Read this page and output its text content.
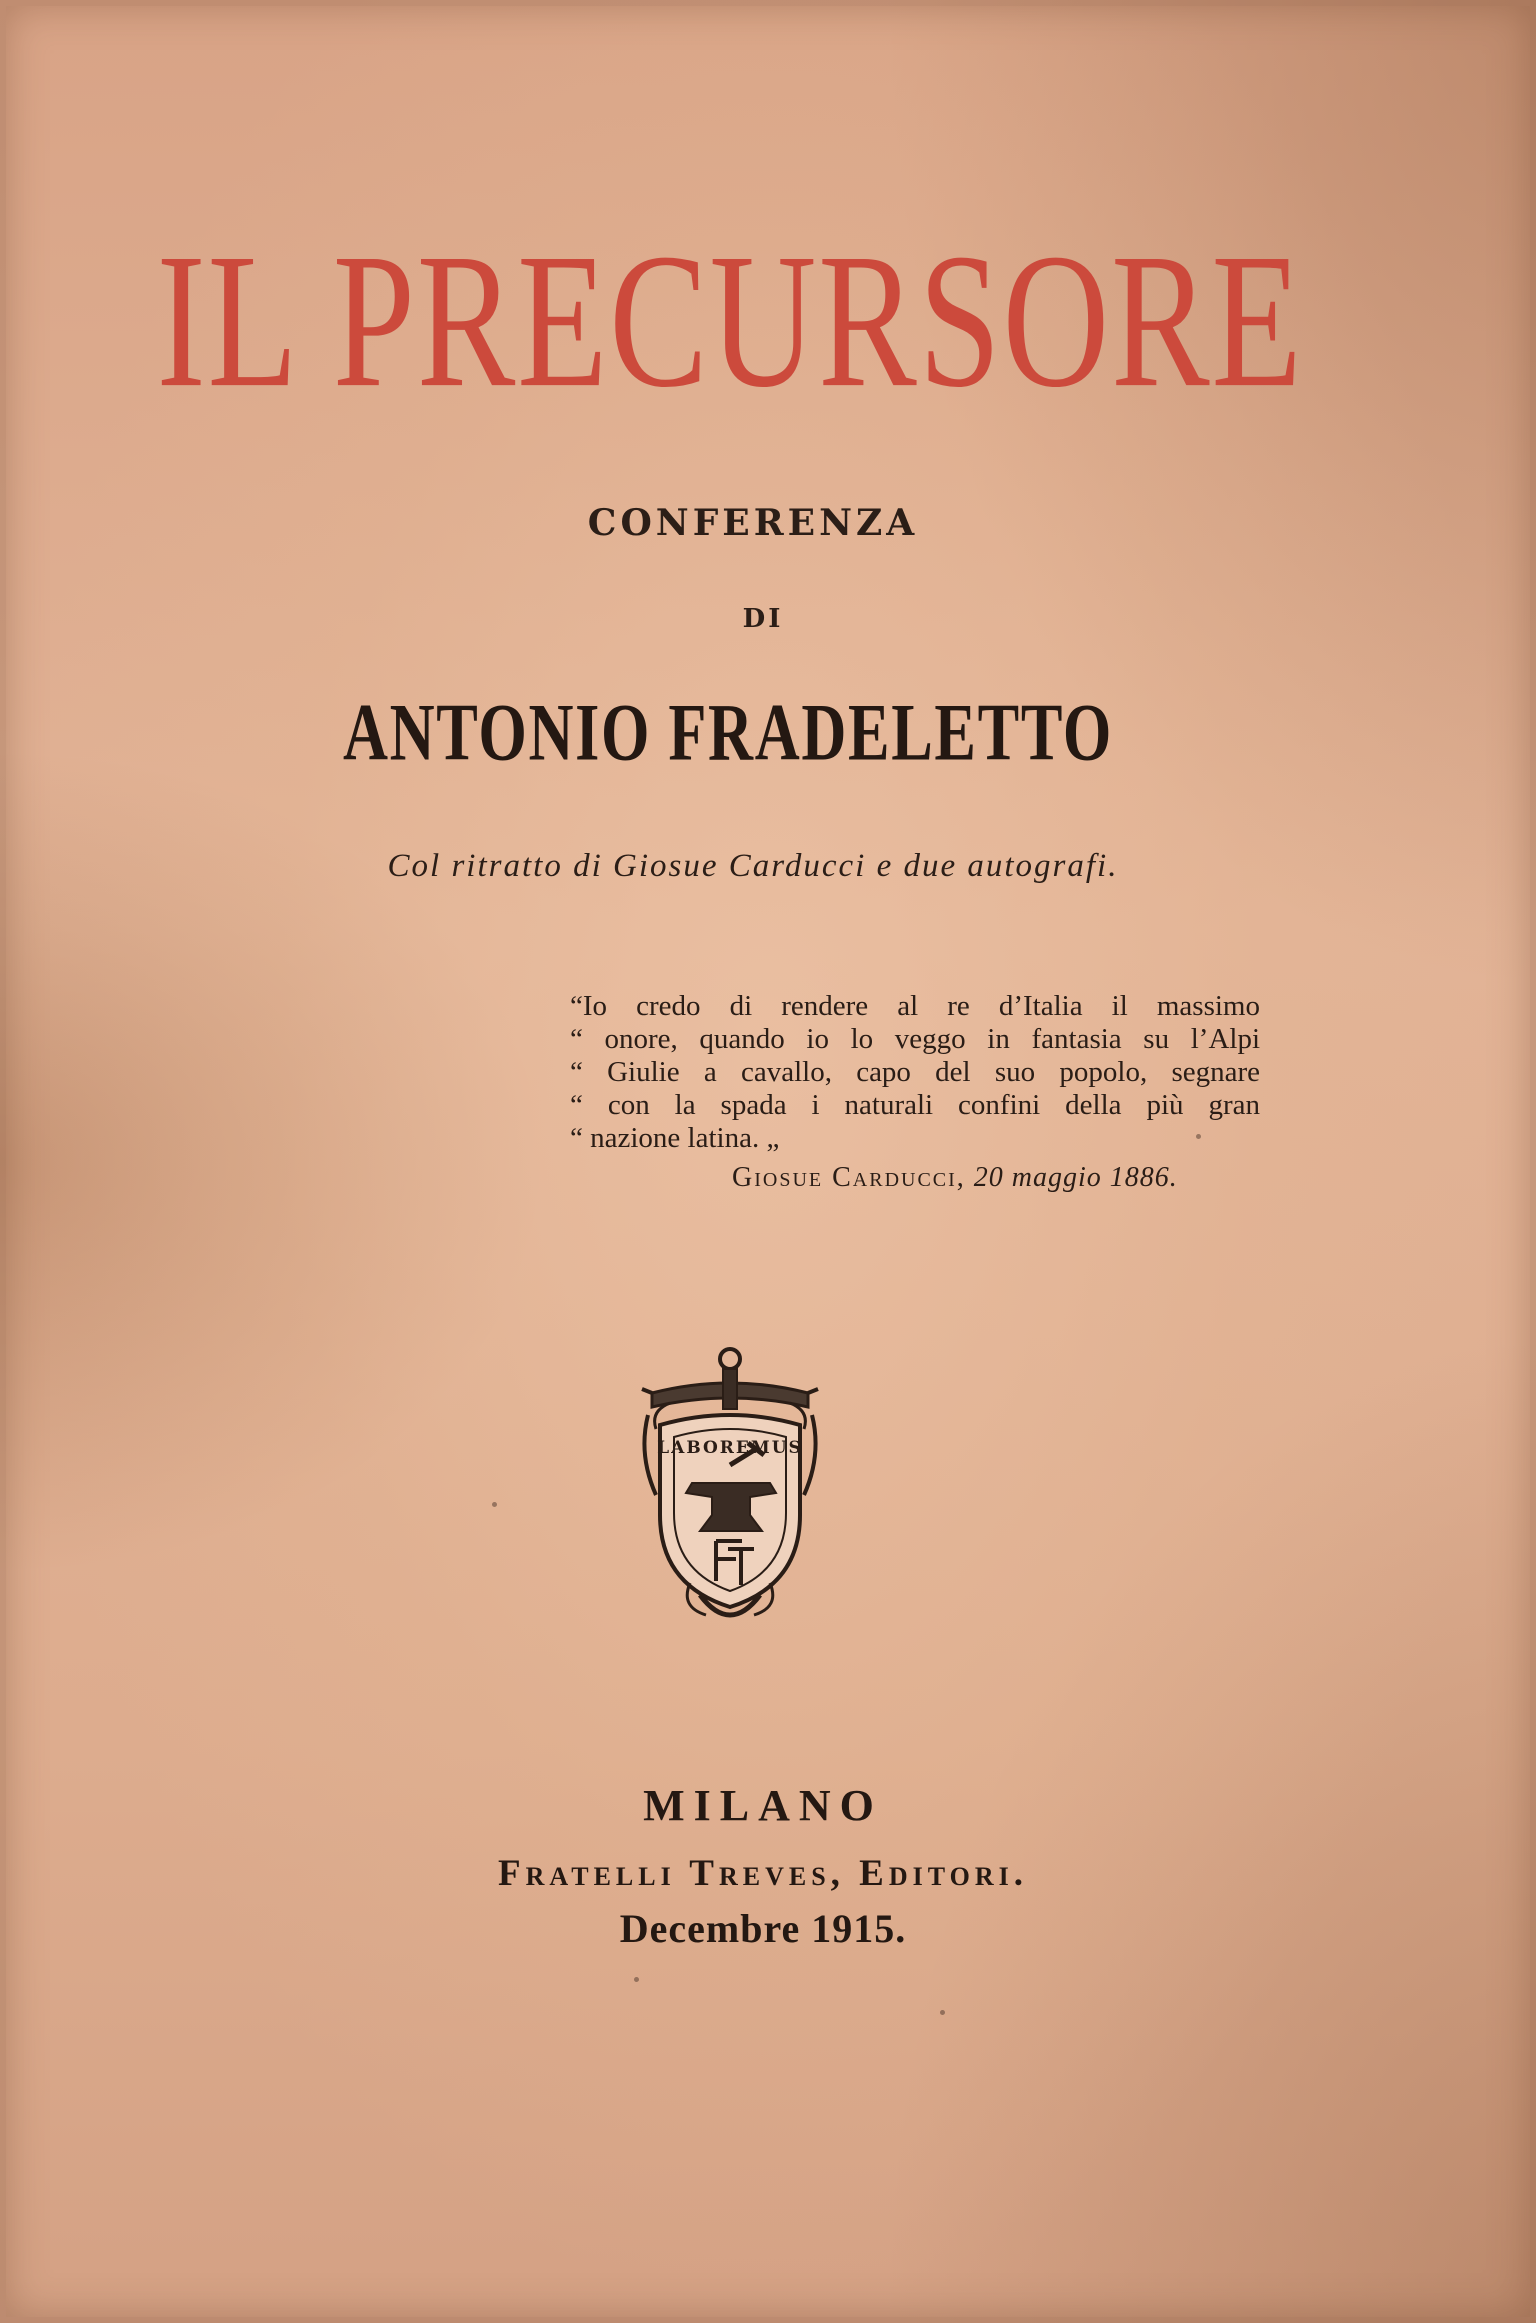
IL PRECURSORE
CONFERENZA
DI
ANTONIO FRADELETTO
Col ritratto di Giosue Carducci e due autografi.
“Io credo di rendere al re d’Italia il massimo
“ onore, quando io lo veggo in fantasia su l’Alpi
“ Giulie a cavallo, capo del suo popolo, segnare
“ con la spada i naturali confini della più gran
“ nazione latina. „
Giosue Carducci, 20 maggio 1886.
LABOREMUS
MILANO
Fratelli Treves, Editori.
Decembre 1915.
